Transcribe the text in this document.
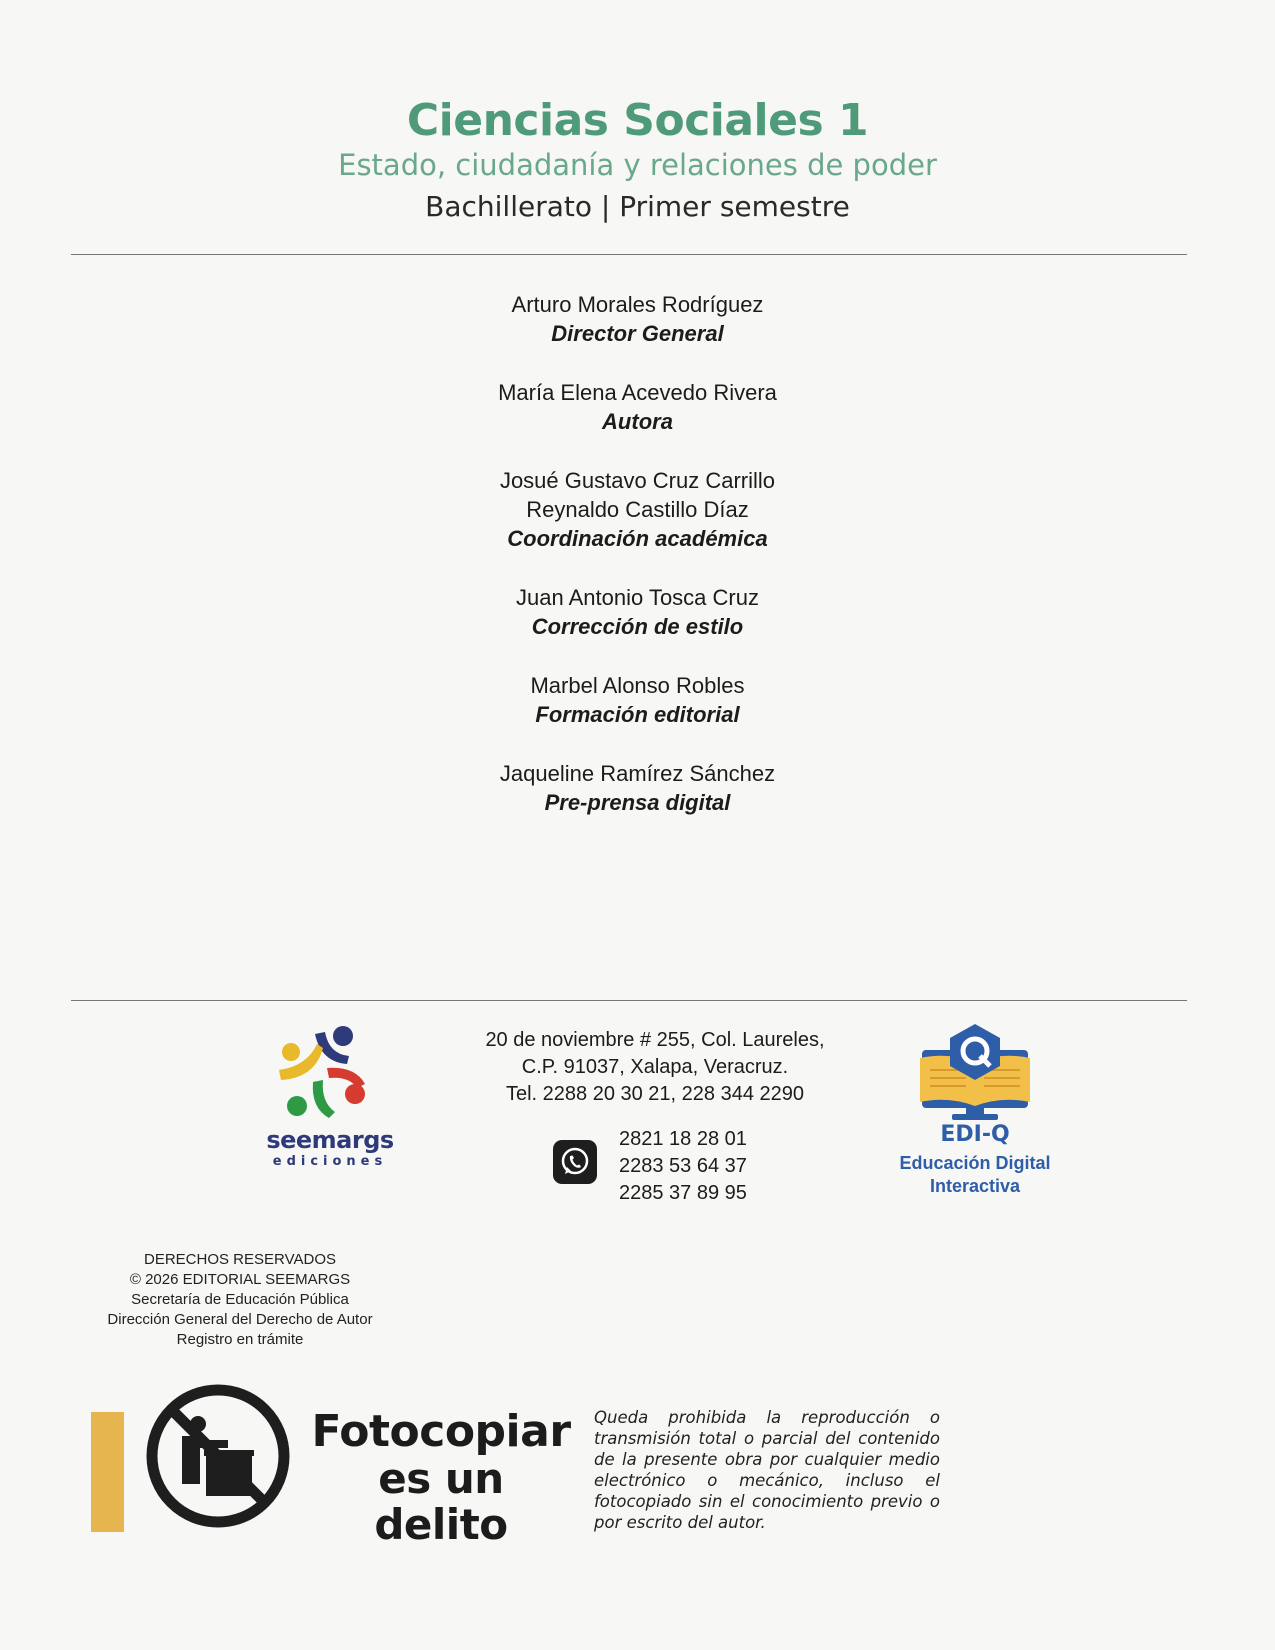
Ciencias Sociales 1
Estado, ciudadanía y relaciones de poder
Bachillerato | Primer semestre
Arturo Morales Rodríguez
Director General
María Elena Acevedo Rivera
Autora
Josué Gustavo Cruz Carrillo
Reynaldo Castillo Díaz
Coordinación académica
Juan Antonio Tosca Cruz
Corrección de estilo
Marbel Alonso Robles
Formación editorial
Jaqueline Ramírez Sánchez
Pre-prensa digital
seemargs
ediciones
20 de noviembre # 255, Col. Laureles,
C.P. 91037, Xalapa, Veracruz.
Tel. 2288 20 30 21, 228 344 2290
2821 18 28 01
2283 53 64 37
2285 37 89 95
EDI-Q
Educación Digital
Interactiva
DERECHOS RESERVADOS
© 2026 EDITORIAL SEEMARGS
Secretaría de Educación Pública
Dirección General del Derecho de Autor
Registro en trámite
Fotocopiar
es un delito
Queda prohibida la reproducción o transmisión total o parcial del contenido de la presente obra por cualquier medio electrónico o mecánico, incluso el fotocopiado sin el conocimiento previo o por escrito del autor.
